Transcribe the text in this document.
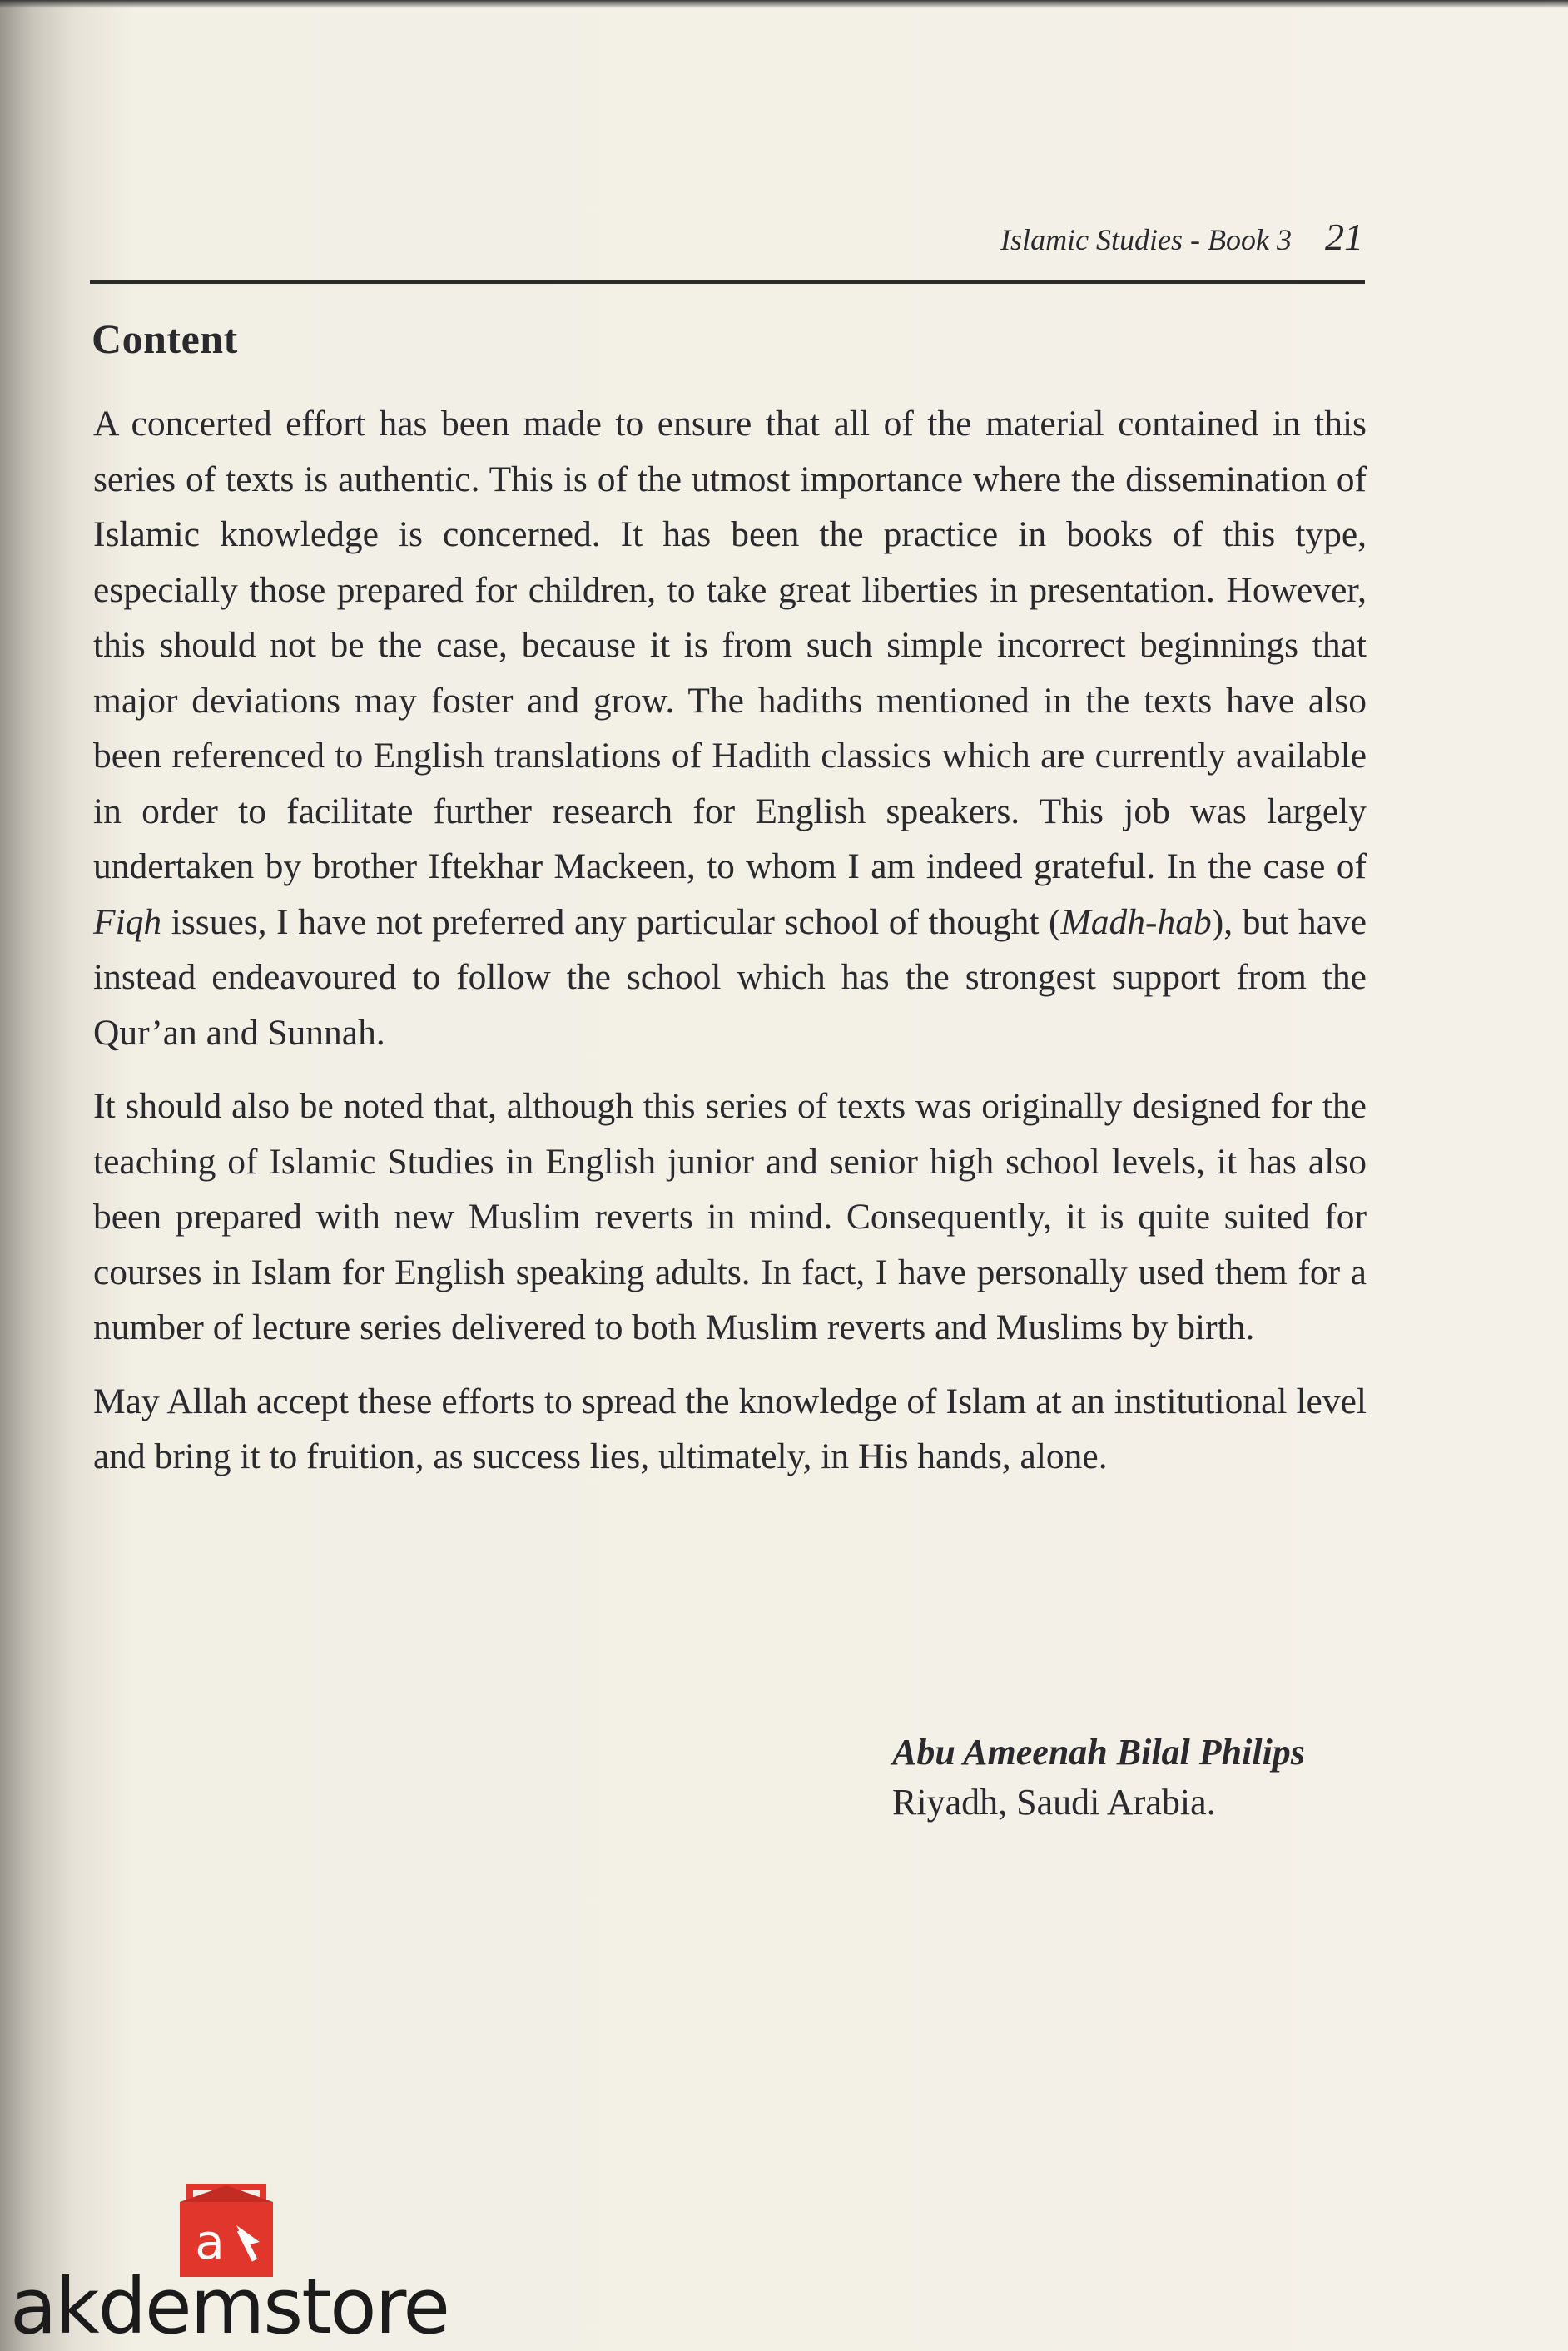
Islamic Studies - Book 3 21
Content

A concerted effort has been made to ensure that all of the material contained in this series of texts is authentic. This is of the utmost importance where the dissemination of Islamic knowledge is concerned. It has been the practice in books of this type, especially those prepared for children, to take great liberties in presentation. However, this should not be the case, because it is from such simple incorrect beginnings that major deviations may foster and grow. The hadiths mentioned in the texts have also been referenced to English translations of Hadith classics which are currently available in order to facilitate further research for English speakers. This job was largely undertaken by brother Iftekhar Mackeen, to whom I am indeed grateful. In the case of Fiqh issues, I have not preferred any particular school of thought (Madh-hab), but have instead endeavoured to follow the school which has the strongest support from the Qur’an and Sunnah.

It should also be noted that, although this series of texts was originally designed for the teaching of Islamic Studies in English junior and senior high school levels, it has also been prepared with new Muslim reverts in mind. Consequently, it is quite suited for courses in Islam for English speaking adults. In fact, I have personally used them for a number of lecture series delivered to both Muslim reverts and Muslims by birth.

May Allah accept these efforts to spread the knowledge of Islam at an institutional level and bring it to fruition, as success lies, ultimately, in His hands, alone.

Abu Ameenah Bilal Philips
Riyadh, Saudi Arabia.
a
akdemstore
